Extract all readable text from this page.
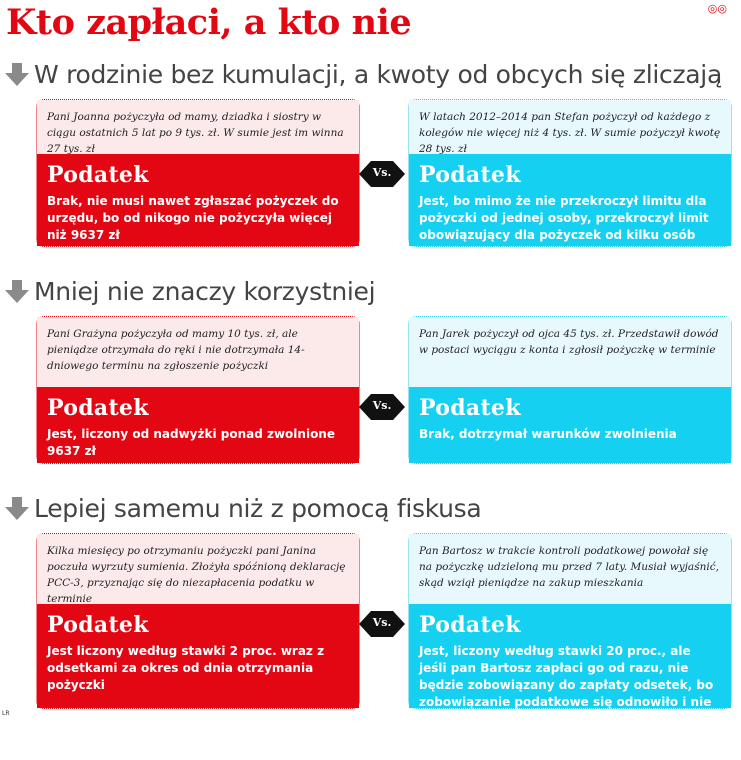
Kto zapłaci, a kto nie	◎◎
W rodzinie bez kumulacji, a kwoty od obcych się zliczają
Pani Joanna pożyczyła od mamy, dziadka i siostry w ciągu ostatnich 5 lat po 9 tys. zł. W sumie jest im winna 27 tys. zł
Podatek
Brak, nie musi nawet zgłaszać pożyczek do urzędu, bo od nikogo nie pożyczyła więcej niż 9637 zł
Vs.
W latach 2012–2014 pan Stefan pożyczył od każdego z kolegów nie więcej niż 4 tys. zł. W sumie pożyczył kwotę 28 tys. zł
Podatek
Jest, bo mimo że nie przekroczył limitu dla pożyczki od jednej osoby, przekroczył limit obowiązujący dla pożyczek od kilku osób
Mniej nie znaczy korzystniej
Pani Grażyna pożyczyła od mamy 10 tys. zł, ale pieniądze otrzymała do ręki i nie dotrzymała 14-dniowego terminu na zgłoszenie pożyczki
Podatek
Jest, liczony od nadwyżki ponad zwolnione 9637 zł
Vs.
Pan Jarek pożyczył od ojca 45 tys. zł. Przedstawił dowód w postaci wyciągu z konta i zgłosił pożyczkę w terminie
Podatek
Brak, dotrzymał warunków zwolnienia
Lepiej samemu niż z pomocą fiskusa
Kilka miesięcy po otrzymaniu pożyczki pani Janina poczuła wyrzuty sumienia. Złożyła spóźnioną deklarację PCC-3, przyznając się do niezapłacenia podatku w terminie
Podatek
Jest liczony według stawki 2 proc. wraz z odsetkami za okres od dnia otrzymania pożyczki
Vs.
Pan Bartosz w trakcie kontroli podatkowej powołał się na pożyczkę udzieloną mu przed 7 laty. Musiał wyjaśnić, skąd wziął pieniądze na zakup mieszkania
Podatek
Jest, liczony według stawki 20 proc., ale jeśli pan Bartosz zapłaci go od razu, nie będzie zobowiązany do zapłaty odsetek, bo zobowiązanie podatkowe się odnowiło i nie ma zaległości podatkowej
LR
